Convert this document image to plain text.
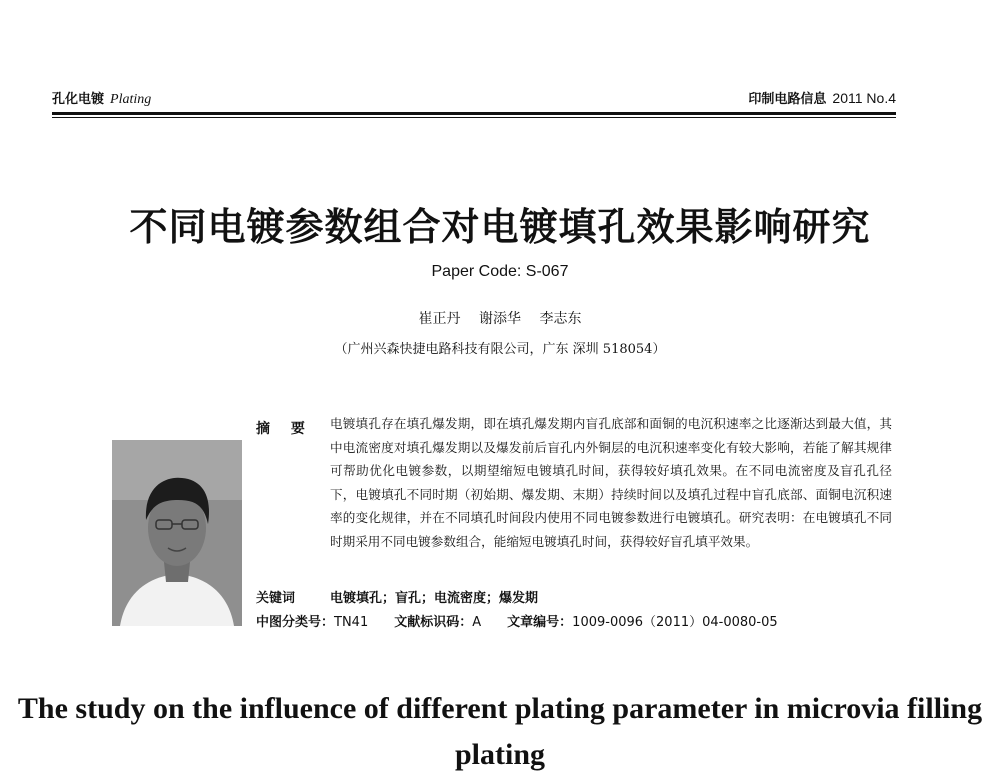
孔化电镀 Plating	印制电路信息 2011 No.4
不同电镀参数组合对电镀填孔效果影响研究
Paper Code: S-067
崔正丹 谢添华 李志东
（广州兴森快捷电路科技有限公司，广东 深圳 518054）
摘 要 电镀填孔存在填孔爆发期，即在填孔爆发期内盲孔底部和面铜的电沉积速率之比逐渐达到最大值，其中电流密度对填孔爆发期以及爆发前后盲孔内外铜层的电沉积速率变化有较大影响，若能了解其规律可帮助优化电镀参数，以期望缩短电镀填孔时间，获得较好填孔效果。在不同电流密度及盲孔孔径下，电镀填孔不同时期（初始期、爆发期、末期）持续时间以及填孔过程中盲孔底部、面铜电沉积速率的变化规律，并在不同填孔时间段内使用不同电镀参数进行电镀填孔。研究表明：在电镀填孔不同时期采用不同电镀参数组合，能缩短电镀填孔时间，获得较好盲孔填平效果。
关键词	电镀填孔；盲孔；电流密度；爆发期
中图分类号：TN41 文献标识码：A 文章编号：1009-0096（2011）04-0080-05
The study on the influence of different plating parameter in microvia filling plating
